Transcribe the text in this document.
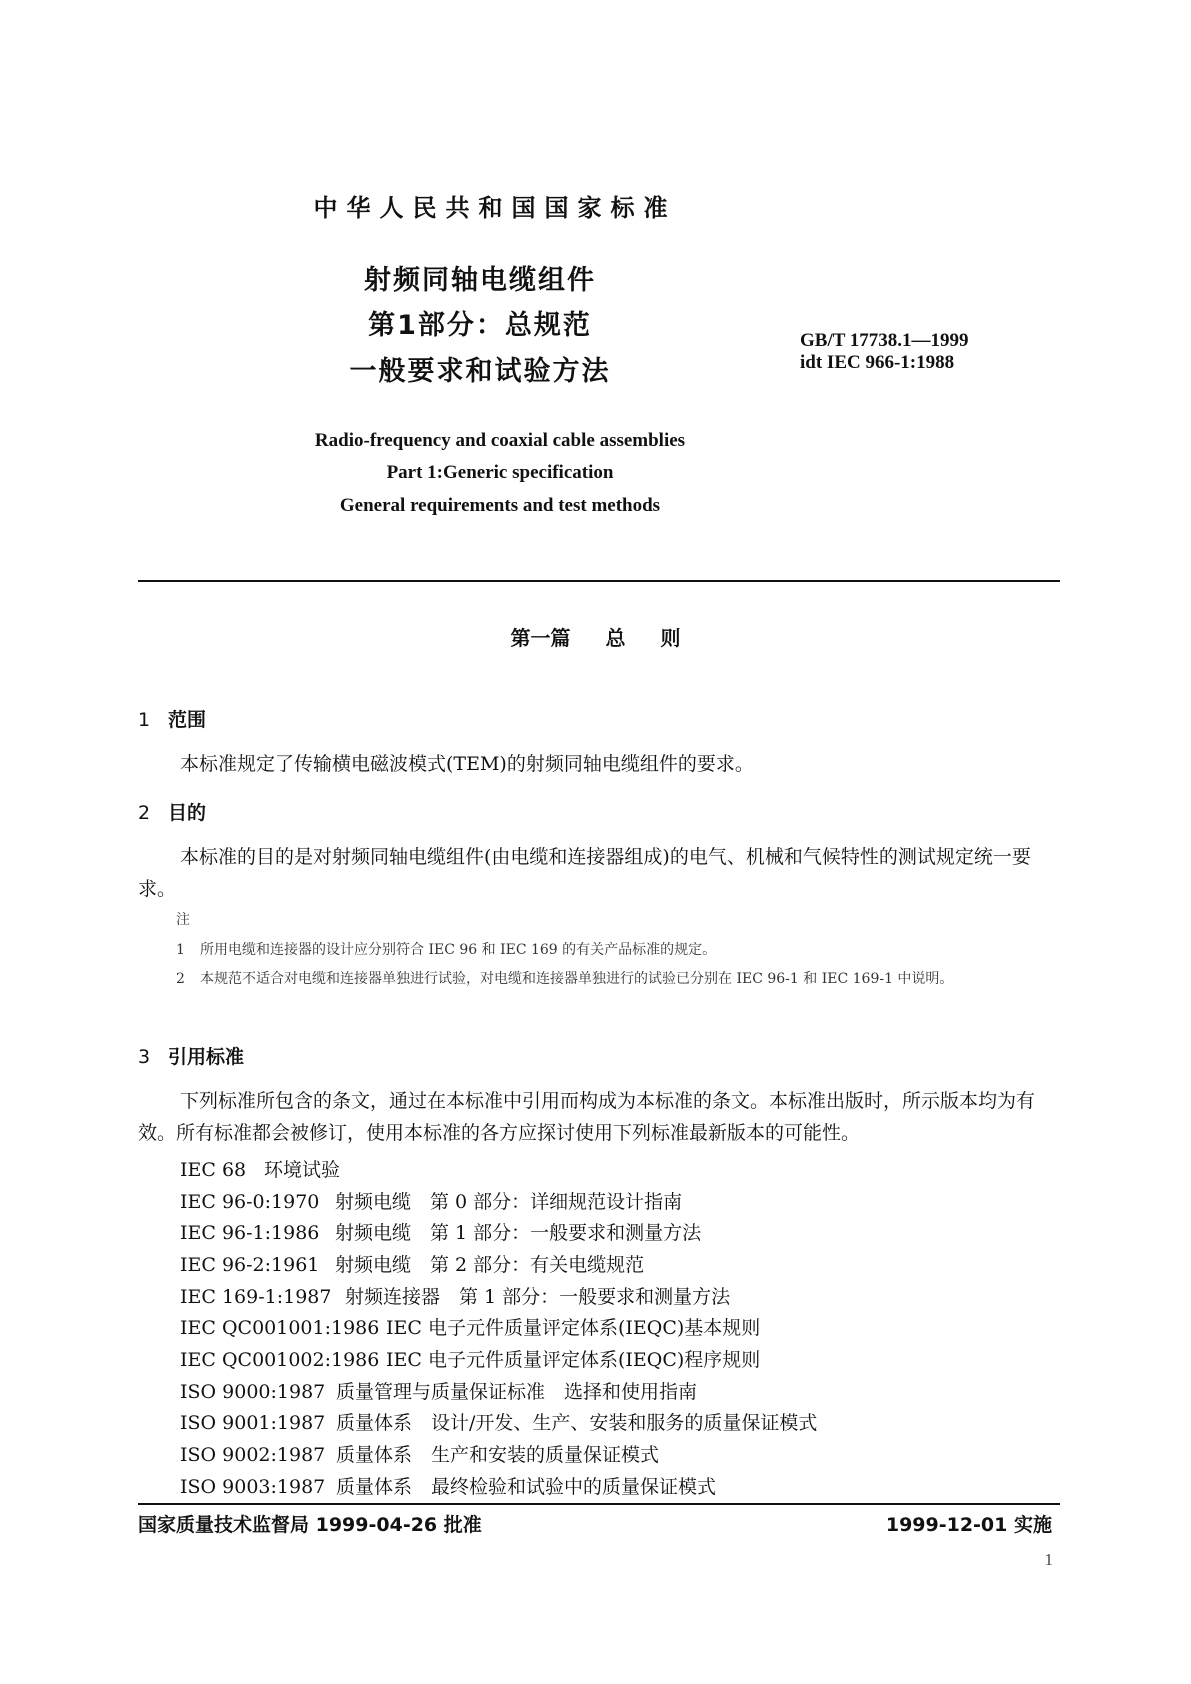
中华人民共和国国家标准
射频同轴电缆组件
第1部分：总规范
一般要求和试验方法
GB/T 17738.1—1999
idt IEC 966-1:1988
Radio-frequency and coaxial cable assemblies
Part 1:Generic specification
General requirements and test methods
第一篇 总 则
1 范围
本标准规定了传输横电磁波模式(TEM)的射频同轴电缆组件的要求。
2 目的
本标准的目的是对射频同轴电缆组件(由电缆和连接器组成)的电气、机械和气候特性的测试规定统一要求。
注
1 所用电缆和连接器的设计应分别符合 IEC 96 和 IEC 169 的有关产品标准的规定。
2 本规范不适合对电缆和连接器单独进行试验，对电缆和连接器单独进行的试验已分别在 IEC 96-1 和 IEC 169-1 中说明。
3 引用标准
下列标准所包含的条文，通过在本标准中引用而构成为本标准的条文。本标准出版时，所示版本均为有效。所有标准都会被修订，使用本标准的各方应探讨使用下列标准最新版本的可能性。
IEC 68 环境试验
IEC 96-0:1970 射频电缆　第 0 部分：详细规范设计指南
IEC 96-1:1986 射频电缆　第 1 部分：一般要求和测量方法
IEC 96-2:1961 射频电缆　第 2 部分：有关电缆规范
IEC 169-1:1987 射频连接器　第 1 部分：一般要求和测量方法
IEC QC001001:1986 IEC 电子元件质量评定体系(IEQC)基本规则
IEC QC001002:1986 IEC 电子元件质量评定体系(IEQC)程序规则
ISO 9000:1987 质量管理与质量保证标准　选择和使用指南
ISO 9001:1987 质量体系　设计/开发、生产、安装和服务的质量保证模式
ISO 9002:1987 质量体系　生产和安装的质量保证模式
ISO 9003:1987 质量体系　最终检验和试验中的质量保证模式
国家质量技术监督局 1999-04-26 批准	1999-12-01 实施
1
